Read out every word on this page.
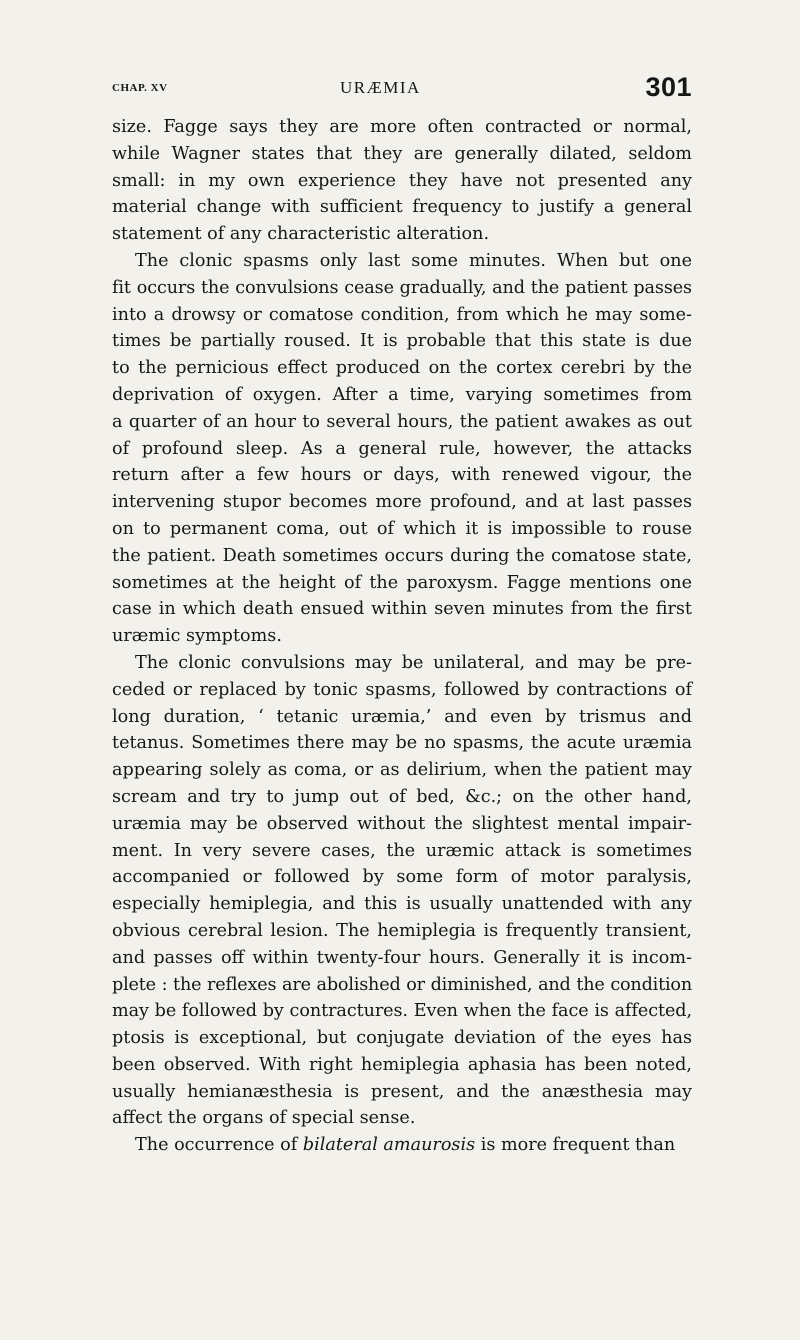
CHAP. XV	URÆMIA	301
size. Fagge says they are more often contracted or normal,
while Wagner states that they are generally dilated, seldom
small: in my own experience they have not presented any
material change with sufficient frequency to justify a general
statement of any characteristic alteration.
The clonic spasms only last some minutes. When but one
fit occurs the convulsions cease gradually, and the patient passes
into a drowsy or comatose condition, from which he may some-
times be partially roused. It is probable that this state is due
to the pernicious effect produced on the cortex cerebri by the
deprivation of oxygen. After a time, varying sometimes from
a quarter of an hour to several hours, the patient awakes as out
of profound sleep. As a general rule, however, the attacks
return after a few hours or days, with renewed vigour, the
intervening stupor becomes more profound, and at last passes
on to permanent coma, out of which it is impossible to rouse
the patient. Death sometimes occurs during the comatose state,
sometimes at the height of the paroxysm. Fagge mentions one
case in which death ensued within seven minutes from the first
uræmic symptoms.
The clonic convulsions may be unilateral, and may be pre-
ceded or replaced by tonic spasms, followed by contractions of
long duration, ‘ tetanic uræmia,’ and even by trismus and
tetanus. Sometimes there may be no spasms, the acute uræmia
appearing solely as coma, or as delirium, when the patient may
scream and try to jump out of bed, &c.; on the other hand,
uræmia may be observed without the slightest mental impair-
ment. In very severe cases, the uræmic attack is sometimes
accompanied or followed by some form of motor paralysis,
especially hemiplegia, and this is usually unattended with any
obvious cerebral lesion. The hemiplegia is frequently transient,
and passes off within twenty-four hours. Generally it is incom-
plete : the reflexes are abolished or diminished, and the condition
may be followed by contractures. Even when the face is affected,
ptosis is exceptional, but conjugate deviation of the eyes has
been observed. With right hemiplegia aphasia has been noted,
usually hemianæsthesia is present, and the anæsthesia may
affect the organs of special sense.
The occurrence of bilateral amaurosis is more frequent than
